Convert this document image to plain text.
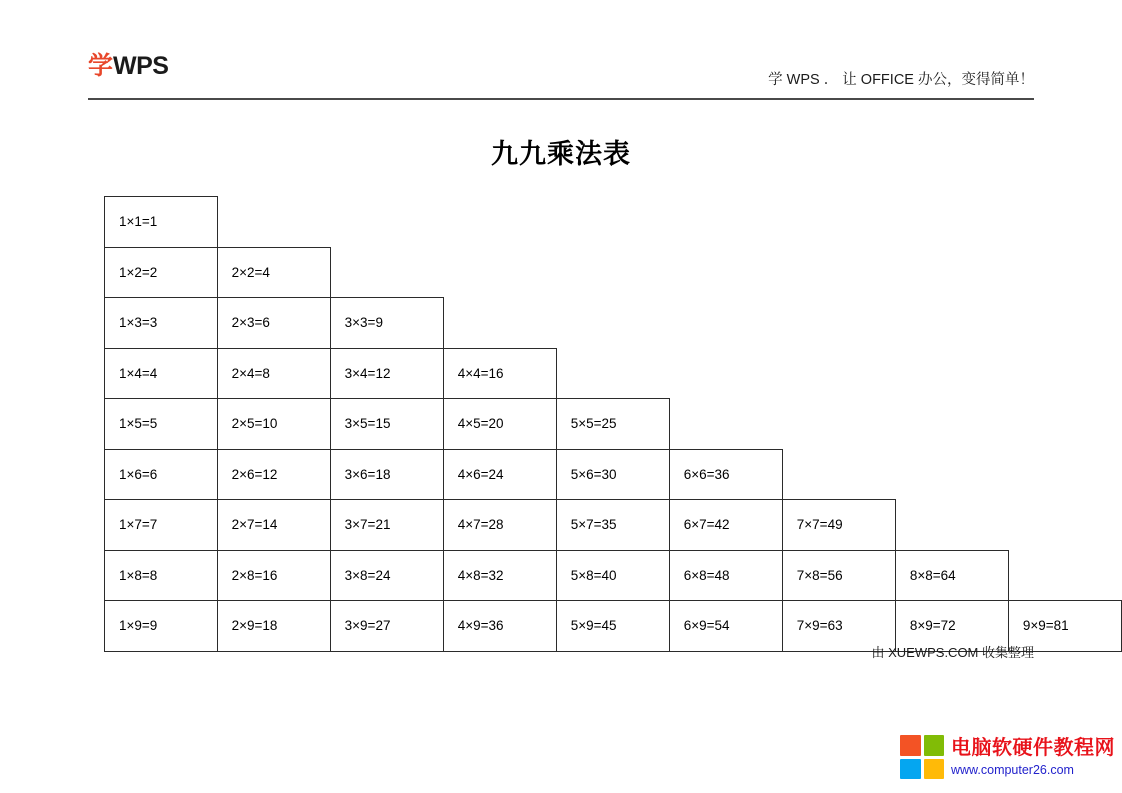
学 WPS	学 WPS ． 让 OFFICE 办公，变得简单！
九九乘法表
1×1=1								
1×2=2	2×2=4							
1×3=3	2×3=6	3×3=9						
1×4=4	2×4=8	3×4=12	4×4=16					
1×5=5	2×5=10	3×5=15	4×5=20	5×5=25				
1×6=6	2×6=12	3×6=18	4×6=24	5×6=30	6×6=36			
1×7=7	2×7=14	3×7=21	4×7=28	5×7=35	6×7=42	7×7=49		
1×8=8	2×8=16	3×8=24	4×8=32	5×8=40	6×8=48	7×8=56	8×8=64	
1×9=9	2×9=18	3×9=27	4×9=36	5×9=45	6×9=54	7×9=63	8×9=72	9×9=81
由 XUEWPS.COM 收集整理
电脑软硬件教程网
www.computer26.com
